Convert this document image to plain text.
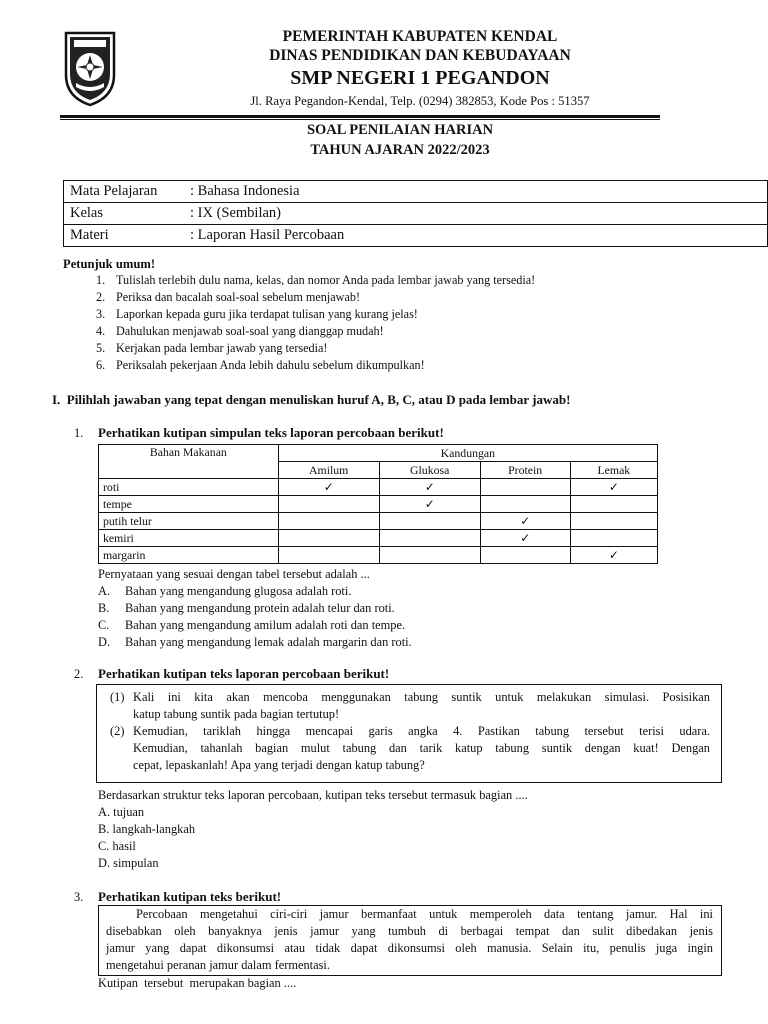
PEMERINTAH KABUPATEN KENDAL
DINAS PENDIDIKAN DAN KEBUDAYAAN
SMP NEGERI 1 PEGANDON
Jl. Raya Pegandon-Kendal, Telp. (0294) 382853, Kode Pos : 51357
SOAL PENILAIAN HARIAN
TAHUN AJARAN 2022/2023
Mata Pelajaran	: Bahasa Indonesia

Kelas	: IX (Sembilan)

Materi	: Laporan Hasil Percobaan
Petunjuk umum!
1. Tulislah terlebih dulu nama, kelas, dan nomor Anda pada lembar jawab yang tersedia!
2. Periksa dan bacalah soal-soal sebelum menjawab!
3. Laporkan kepada guru jika terdapat tulisan yang kurang jelas!
4. Dahulukan menjawab soal-soal yang dianggap mudah!
5. Kerjakan pada lembar jawab yang tersedia!
6. Periksalah pekerjaan Anda lebih dahulu sebelum dikumpulkan!
I.  Pilihlah jawaban yang tepat dengan menuliskan huruf A, B, C, atau D pada lembar jawab!
1. Perhatikan kutipan simpulan teks laporan percobaan berikut!
Bahan Makanan	Kandungan			
	Amilum	Glukosa	Protein	Lemak
roti	✓	✓		✓
tempe		✓		
putih telur			✓	
kemiri			✓	
margarin				✓
Pernyataan yang sesuai dengan tabel tersebut adalah ...
A. Bahan yang mengandung glugosa adalah roti.
B. Bahan yang mengandung protein adalah telur dan roti.
C. Bahan yang mengandung amilum adalah roti dan tempe.
D. Bahan yang mengandung lemak adalah margarin dan roti.
2. Perhatikan kutipan teks laporan percobaan berikut!
(1) Kali ini kita akan mencoba menggunakan tabung suntik untuk melakukan simulasi. Posisikan
katup tabung suntik pada bagian tertutup!
(2) Kemudian, tariklah hingga mencapai garis angka 4. Pastikan tabung tersebut terisi udara.
Kemudian, tahanlah bagian mulut tabung dan tarik katup tabung suntik dengan kuat! Dengan
cepat, lepaskanlah! Apa yang terjadi dengan katup tabung?
Berdasarkan struktur teks laporan percobaan, kutipan teks tersebut termasuk bagian ....
A. tujuan
B. langkah-langkah
C. hasil
D. simpulan
3. Perhatikan kutipan teks berikut!
Percobaan mengetahui ciri-ciri jamur bermanfaat untuk memperoleh data tentang jamur. Hal ini
disebabkan oleh banyaknya jenis jamur yang tumbuh di berbagai tempat dan sulit dibedakan jenis
jamur yang dapat dikonsumsi atau tidak dapat dikonsumsi oleh manusia. Selain itu, penulis juga ingin
mengetahui peranan jamur dalam fermentasi.
Kutipan  tersebut  merupakan bagian ....
